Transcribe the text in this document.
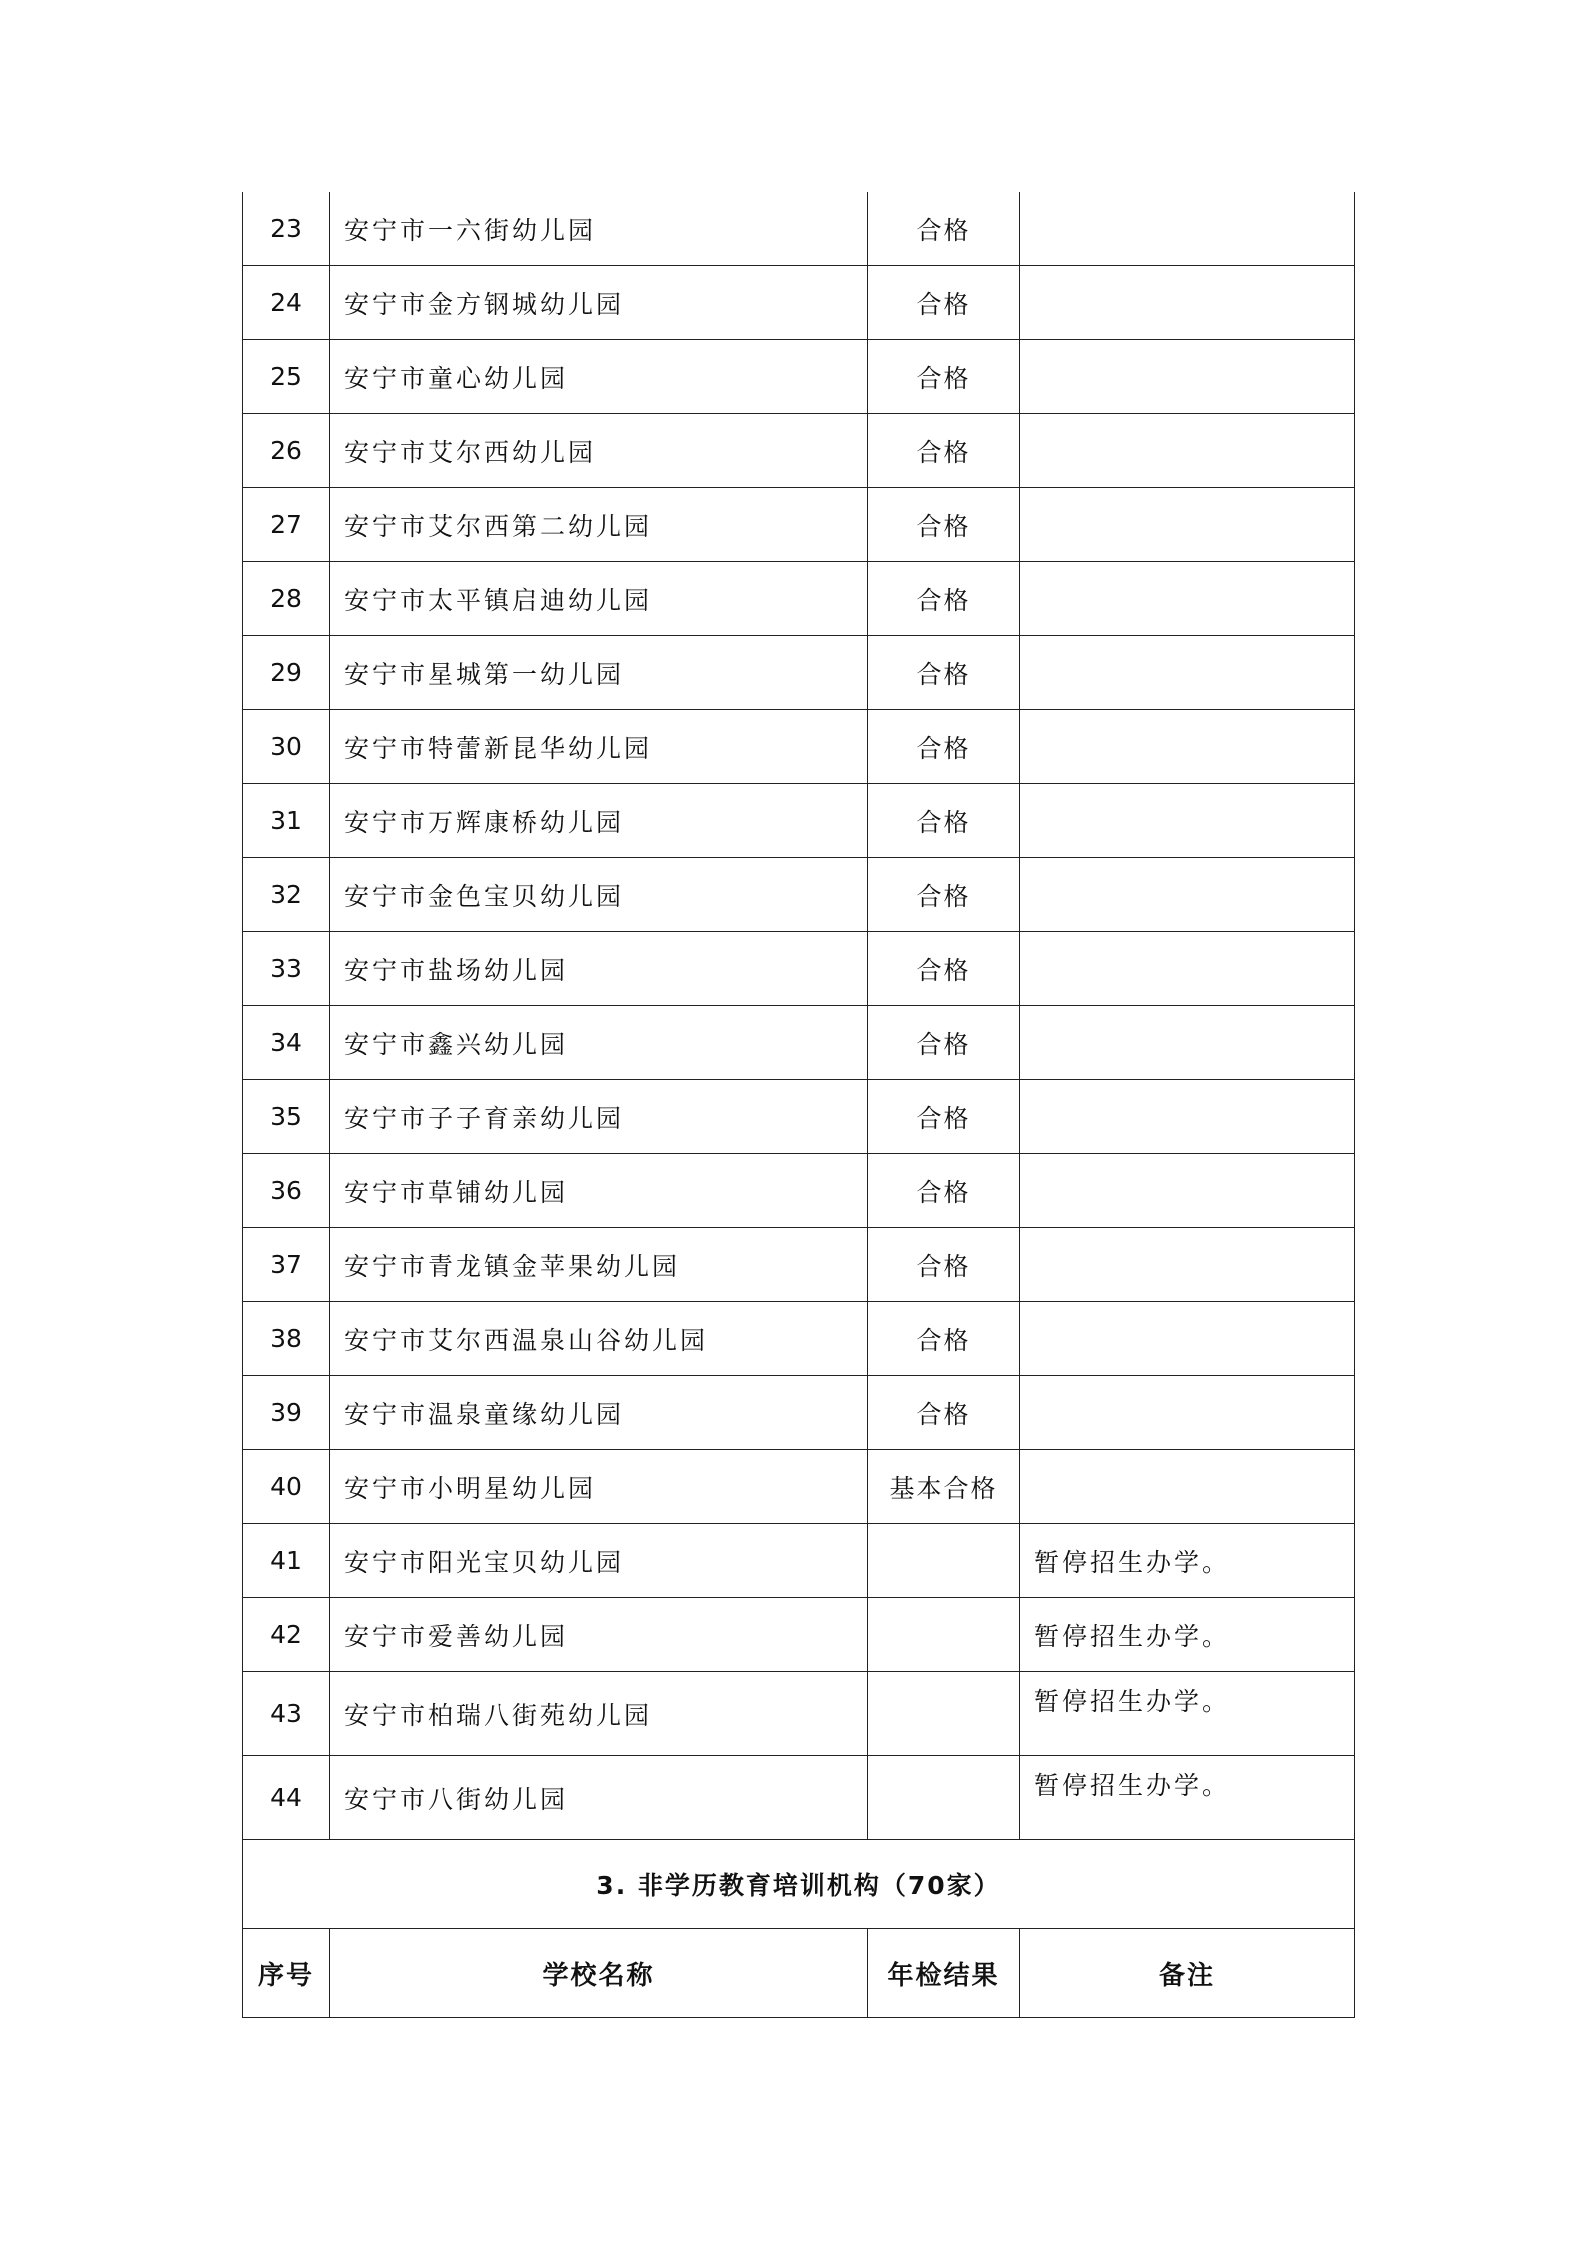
23	安宁市一六街幼儿园	合格	
24	安宁市金方钢城幼儿园	合格	
25	安宁市童心幼儿园	合格	
26	安宁市艾尔西幼儿园	合格	
27	安宁市艾尔西第二幼儿园	合格	
28	安宁市太平镇启迪幼儿园	合格	
29	安宁市星城第一幼儿园	合格	
30	安宁市特蕾新昆华幼儿园	合格	
31	安宁市万辉康桥幼儿园	合格	
32	安宁市金色宝贝幼儿园	合格	
33	安宁市盐场幼儿园	合格	
34	安宁市鑫兴幼儿园	合格	
35	安宁市子子育亲幼儿园	合格	
36	安宁市草铺幼儿园	合格	
37	安宁市青龙镇金苹果幼儿园	合格	
38	安宁市艾尔西温泉山谷幼儿园	合格	
39	安宁市温泉童缘幼儿园	合格	
40	安宁市小明星幼儿园	基本合格	
41	安宁市阳光宝贝幼儿园		暂停招生办学。
42	安宁市爱善幼儿园		暂停招生办学。
43	安宁市柏瑞八街苑幼儿园		暂停招生办学。
44	安宁市八街幼儿园		暂停招生办学。
3. 非学历教育培训机构（70家）			
序号	学校名称	年检结果	备注
